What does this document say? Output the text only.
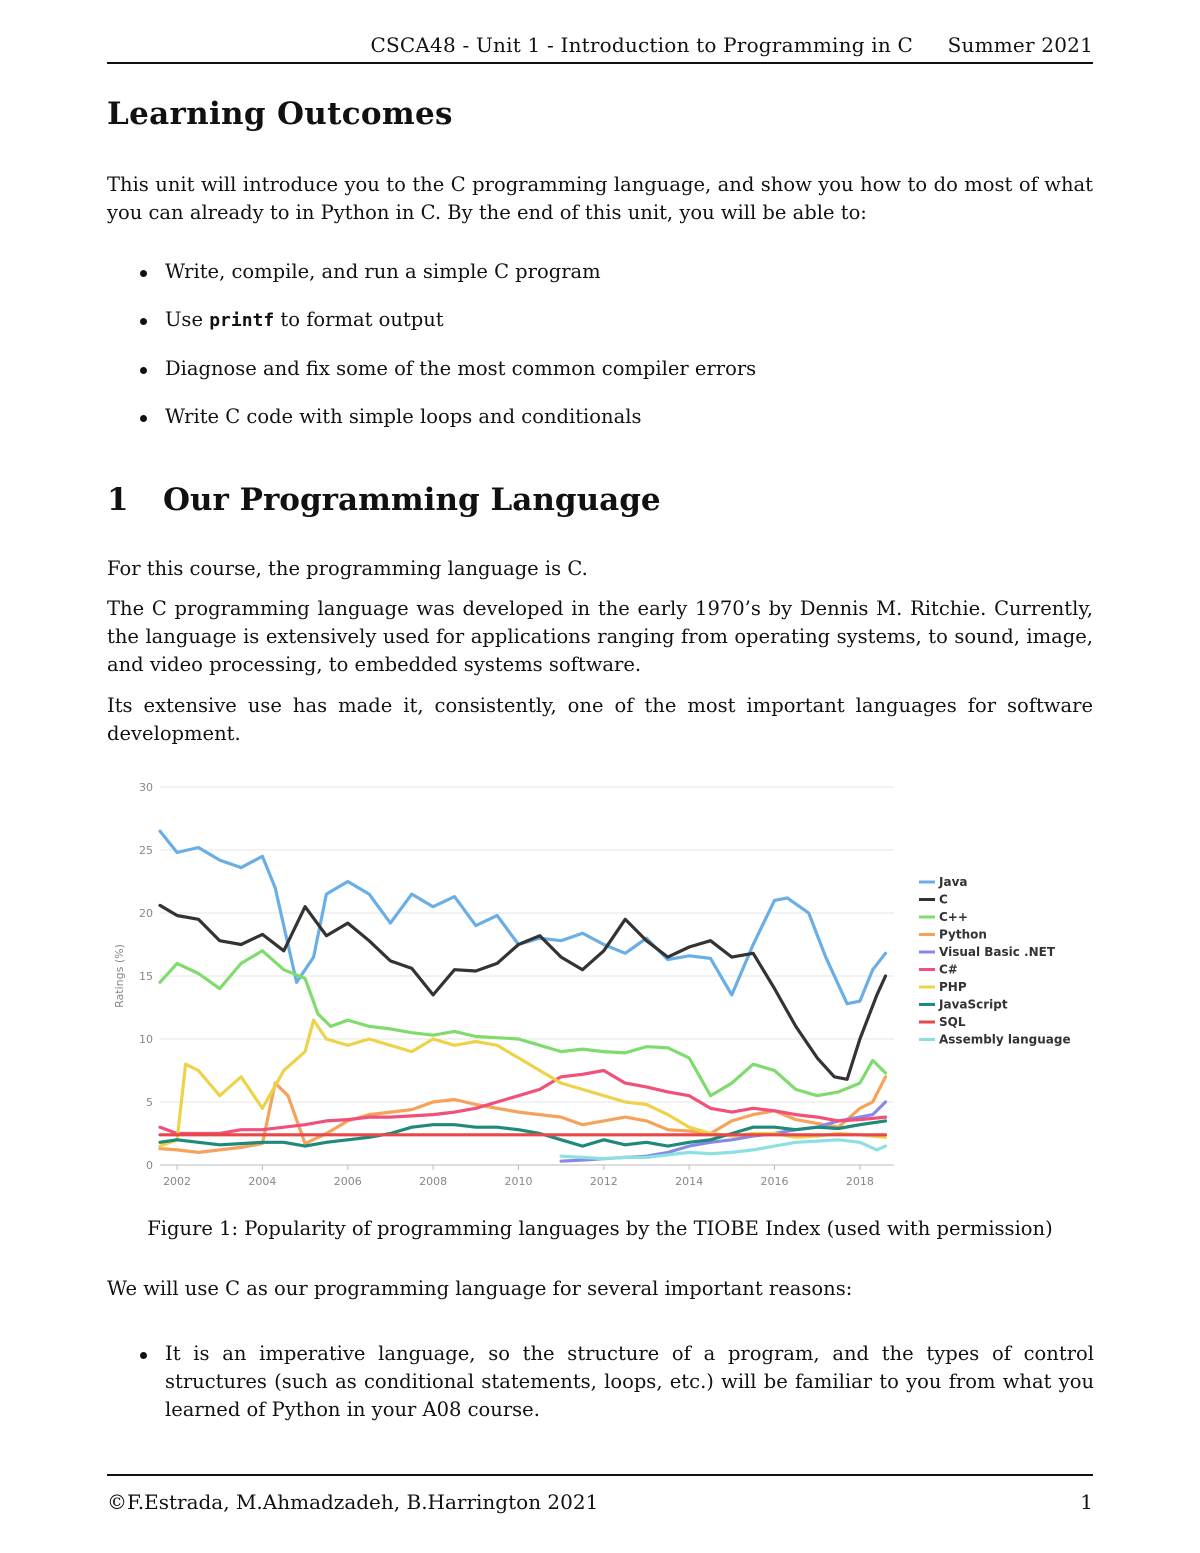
CSCA48 - Unit 1 - Introduction to Programming in C Summer 2021
Learning Outcomes

This unit will introduce you to the C programming language, and show you how to do most of what you can already to in Python in C. By the end of this unit, you will be able to:

Write, compile, and run a simple C program
Use printf to format output
Diagnose and fix some of the most common compiler errors
Write C code with simple loops and conditionals
1 Our Programming Language

For this course, the programming language is C.

The C programming language was developed in the early 1970’s by Dennis M. Ritchie. Currently, the language is extensively used for applications ranging from operating systems, to sound, image, and video processing, to embedded systems software.

Its extensive use has made it, consistently, one of the most important languages for software development.

0
5
10
15
20
25
30
2002	2004	2006	2008	2010	2012	2014	2016	2018
Ratings (%)
Java
C
C++
Python
Visual Basic .NET
C#
PHP
JavaScript
SQL
Assembly language
Figure 1: Popularity of programming languages by the TIOBE Index (used with permission)

We will use C as our programming language for several important reasons:

It is an imperative language, so the structure of a program, and the types of control structures (such as conditional statements, loops, etc.) will be familiar to you from what you learned of Python in your A08 course.
©F.Estrada, M.Ahmadzadeh, B.Harrington 2021	1
